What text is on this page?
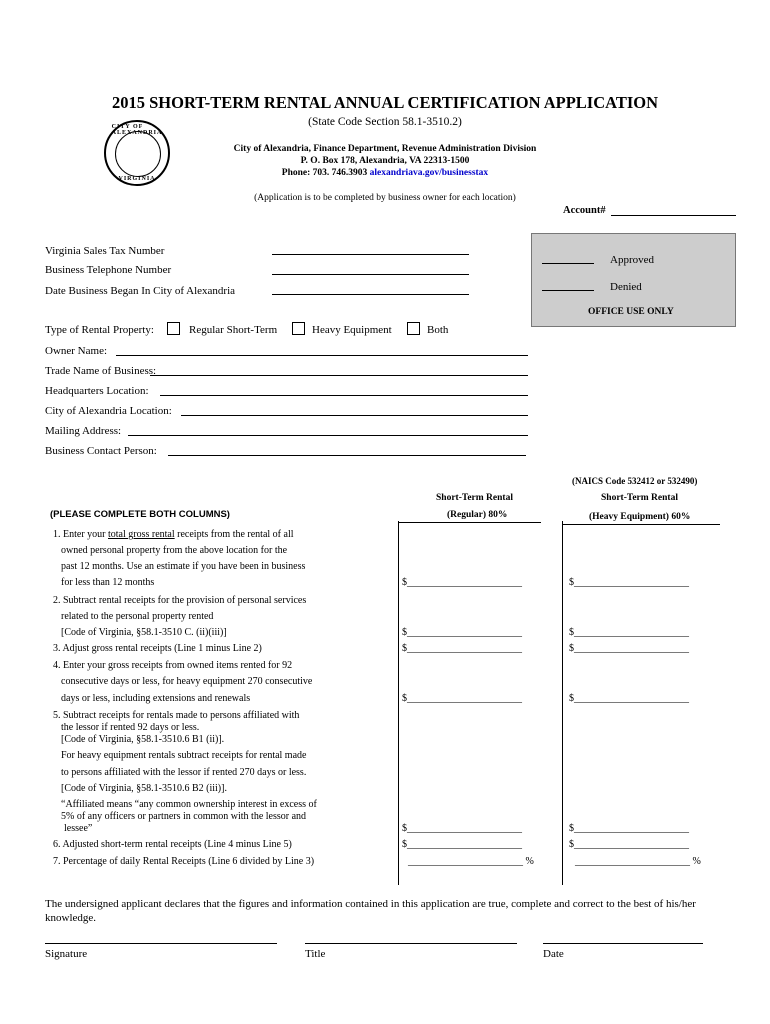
CITY OF ALEXANDRIA
VIRGINIA
2015 SHORT-TERM RENTAL ANNUAL CERTIFICATION APPLICATION
(State Code Section 58.1-3510.2)
City of Alexandria, Finance Department, Revenue Administration Division
P. O. Box 178, Alexandria, VA 22313-1500
Phone: 703. 746.3903 alexandriava.gov/businesstax
(Application is to be completed by business owner for each location)
Account#
Approved
Denied
OFFICE USE ONLY
Virginia Sales Tax Number
Business Telephone Number
Date Business Began In City of Alexandria
Type of Rental Property:	Regular Short-Term	Heavy Equipment	Both
Owner Name:
Trade Name of Business:
Headquarters Location:
City of Alexandria Location:
Mailing Address:
Business Contact Person:
(NAICS Code 532412 or 532490)
Short-Term Rental	Short-Term Rental
(PLEASE COMPLETE BOTH COLUMNS)	(Regular) 80%	(Heavy Equipment) 60%
1. Enter your total gross rental receipts from the rental of all
owned personal property from the above location for the
past 12 months. Use an estimate if you have been in business
for less than 12 months	$_______________________	$_______________________
2. Subtract rental receipts for the provision of personal services
related to the personal property rented
[Code of Virginia, §58.1-3510 C. (ii)(iii)]	$_______________________	$_______________________
3. Adjust gross rental receipts (Line 1 minus Line 2)	$_______________________	$_______________________
4. Enter your gross receipts from owned items rented for 92
consecutive days or less, for heavy equipment 270 consecutive
days or less, including extensions and renewals	$_______________________	$_______________________
5. Subtract receipts for rentals made to persons affiliated with
the lessor if rented 92 days or less.
[Code of Virginia, §58.1-3510.6 B1 (ii)].
For heavy equipment rentals subtract receipts for rental made
to persons affiliated with the lessor if rented 270 days or less.
[Code of Virginia, §58.1-3510.6 B2 (iii)].
“Affiliated means “any common ownership interest in excess of
5% of any officers or partners in common with the lessor and
lessee”	$_______________________	$_______________________
6. Adjusted short-term rental receipts (Line 4 minus Line 5)	$_______________________	$_______________________
7. Percentage of daily Rental Receipts (Line 6 divided by Line 3)	_______________________ %	_______________________ %
The undersigned applicant declares that the figures and information contained in this application are true, complete and correct to the best of his/her knowledge.
Signature	Title	Date
